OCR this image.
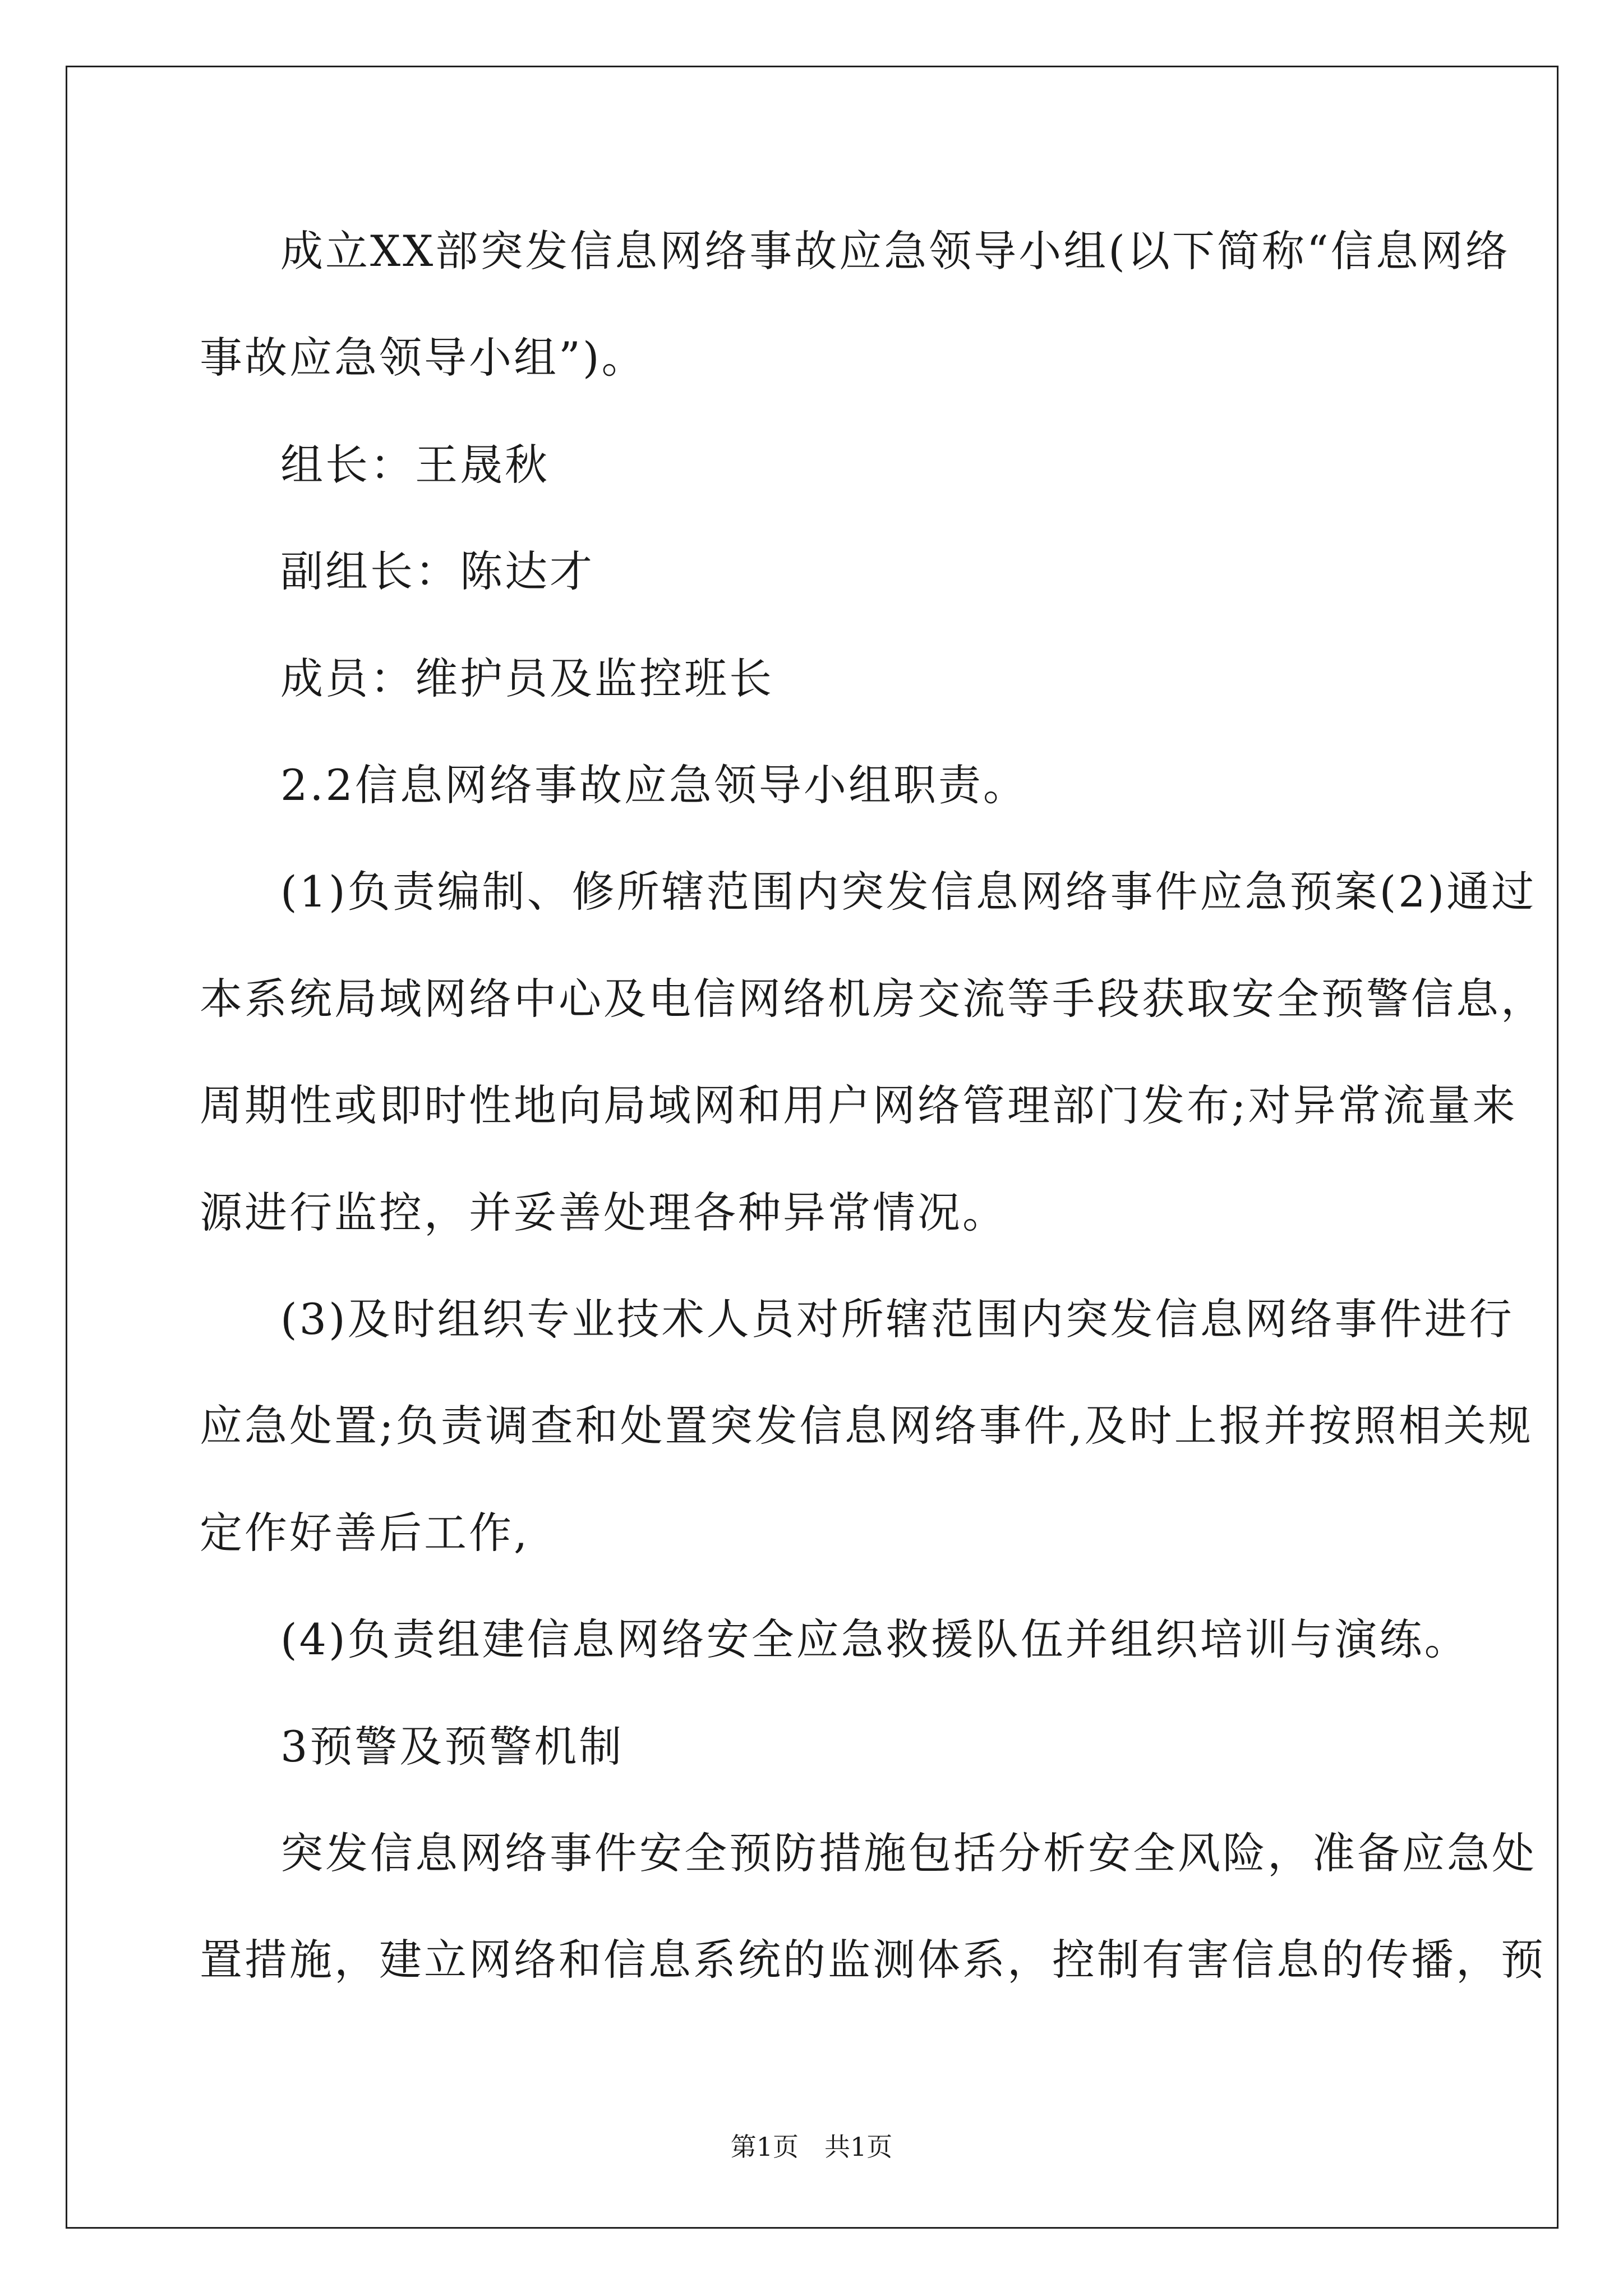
成立XX部突发信息网络事故应急领导小组(以下简称“信息网络
事故应急领导小组”)。
组长：王晟秋
副组长：陈达才
成员：维护员及监控班长
2.2信息网络事故应急领导小组职责。
(1)负责编制、修所辖范围内突发信息网络事件应急预案(2)通过
本系统局域网络中心及电信网络机房交流等手段获取安全预警信息，
周期性或即时性地向局域网和用户网络管理部门发布;对异常流量来
源进行监控，并妥善处理各种异常情况。
(3)及时组织专业技术人员对所辖范围内突发信息网络事件进行
应急处置;负责调查和处置突发信息网络事件,及时上报并按照相关规
定作好善后工作,
(4)负责组建信息网络安全应急救援队伍并组织培训与演练。
3预警及预警机制
突发信息网络事件安全预防措施包括分析安全风险，准备应急处
置措施，建立网络和信息系统的监测体系，控制有害信息的传播，预
第1页　共1页
